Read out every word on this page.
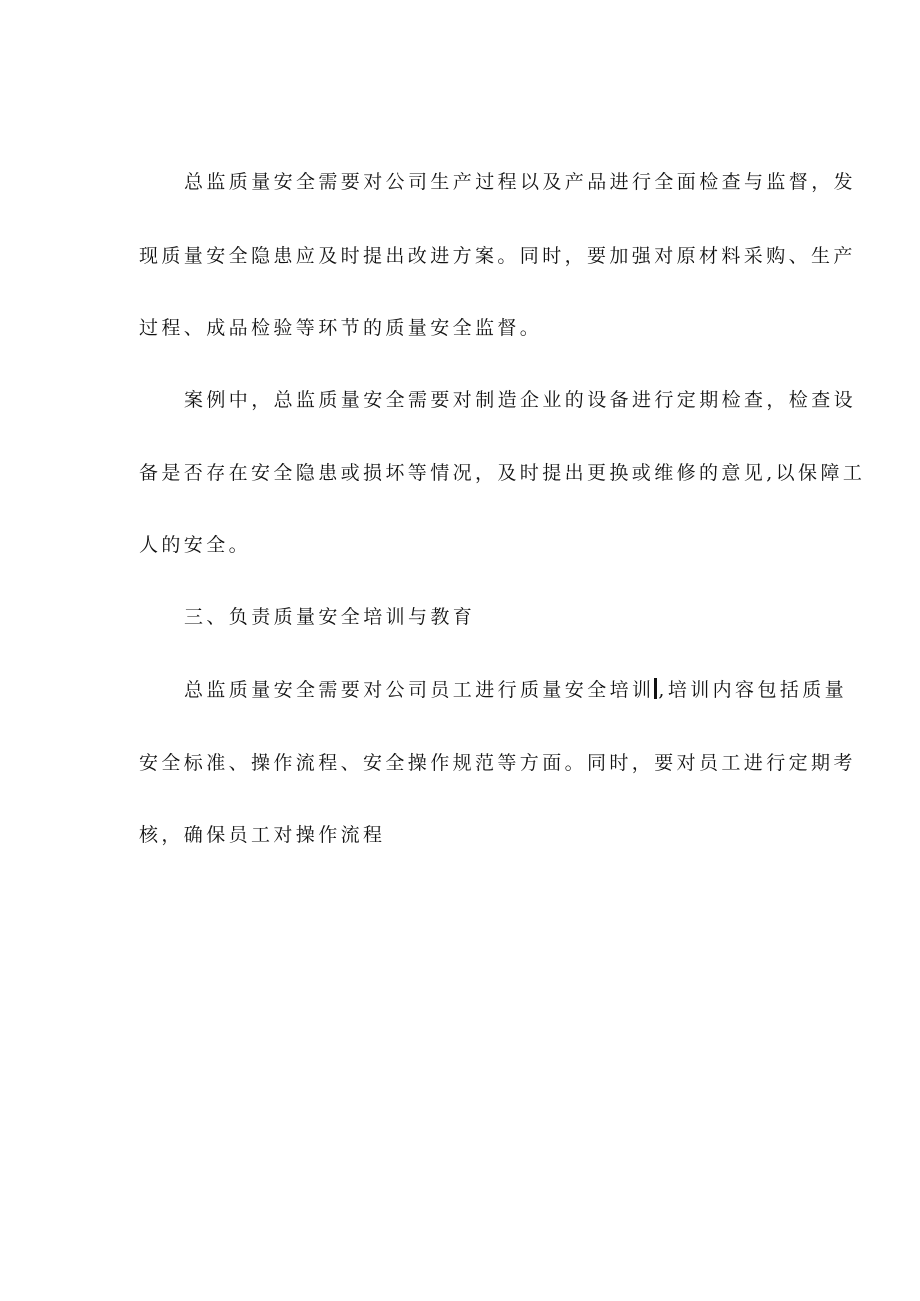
总监质量安全需要对公司生产过程以及产品进行全面检查与监督，发
现质量安全隐患应及时提出改进方案。同时，要加强对原材料采购、生产
过程、成品检验等环节的质量安全监督。
案例中，总监质量安全需要对制造企业的设备进行定期检查，检查设
备是否存在安全隐患或损坏等情况，及时提出更换或维修的意见,以保障工
人的安全。
三、负责质量安全培训与教育
总监质量安全需要对公司员工进行质量安全培训 ,培训内容包括质量
安全标准、操作流程、安全操作规范等方面。同时，要对员工进行定期考
核，确保员工对操作流程
